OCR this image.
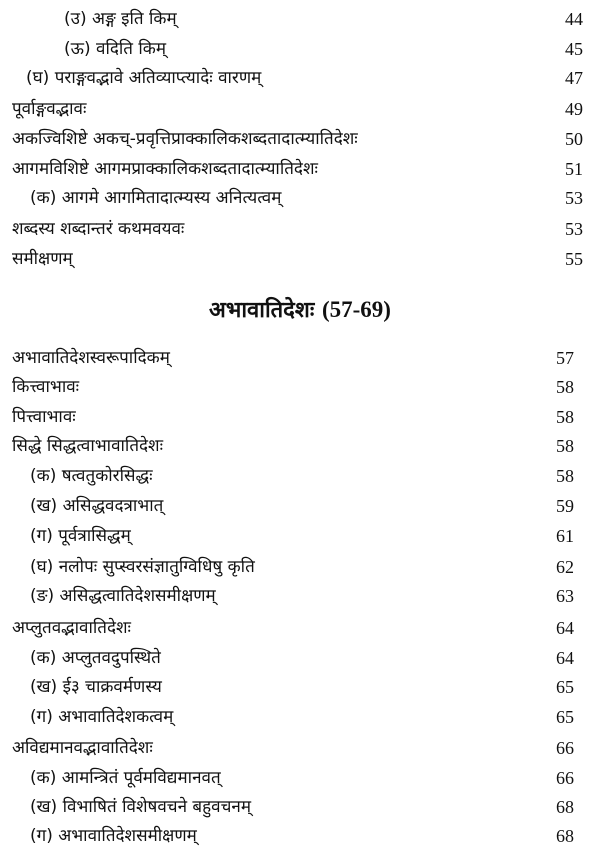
(उ) अङ्ग इति किम्	44
(ऊ) वदिति किम्	45
(घ) पराङ्गवद्भावे अतिव्याप्त्यादेः वारणम्	47
पूर्वाङ्गवद्भावः	49
अकज्विशिष्टे अकच्-प्रवृत्तिप्राक्कालिकशब्दतादात्म्यातिदेशः	50
आगमविशिष्टे आगमप्राक्कालिकशब्दतादात्म्यातिदेशः	51
(क) आगमे आगमितादात्म्यस्य अनित्यत्वम्	53
शब्दस्य शब्दान्तरं कथमवयवः	53
समीक्षणम्	55
अभावातिदेशः (57-69)
अभावातिदेशस्वरूपादिकम्	57
कित्त्वाभावः	58
पित्त्वाभावः	58
सिद्धे सिद्धत्वाभावातिदेशः	58
(क) षत्वतुकोरसिद्धः	58
(ख) असिद्धवदत्राभात्	59
(ग) पूर्वत्रासिद्धम्	61
(घ) नलोपः सुप्स्वरसंज्ञातुग्विधिषु कृति	62
(ङ) असिद्धत्वातिदेशसमीक्षणम्	63
अप्लुतवद्भावातिदेशः	64
(क) अप्लुतवदुपस्थिते	64
(ख) ई३ चाक्रवर्मणस्य	65
(ग) अभावातिदेशकत्वम्	65
अविद्यमानवद्भावातिदेशः	66
(क) आमन्त्रितं पूर्वमविद्यमानवत्	66
(ख) विभाषितं विशेषवचने बहुवचनम्	68
(ग) अभावातिदेशसमीक्षणम्	68
